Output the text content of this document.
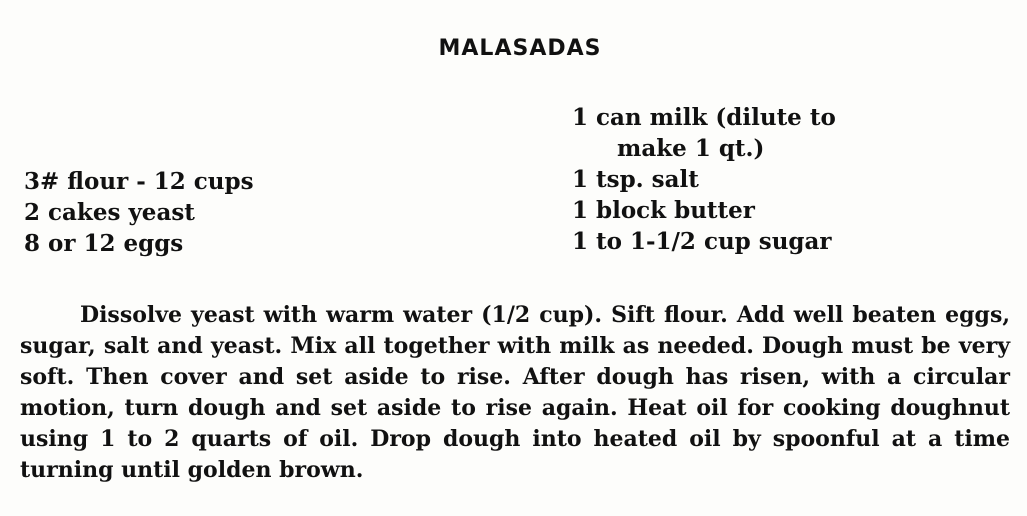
MALASADAS
3# flour - 12 cups
2 cakes yeast
8 or 12 eggs
1 can milk (dilute to
make 1 qt.)
1 tsp. salt
1 block butter
1 to 1-1/2 cup sugar

Dissolve yeast with warm water (1/2 cup). Sift flour. Add well beaten eggs, sugar, salt and yeast. Mix all together with milk as needed. Dough must be very soft. Then cover and set aside to rise. After dough has risen, with a circular motion, turn dough and set aside to rise again. Heat oil for cooking doughnut using 1 to 2 quarts of oil. Drop dough into heated oil by spoonful at a time turning until golden brown.
